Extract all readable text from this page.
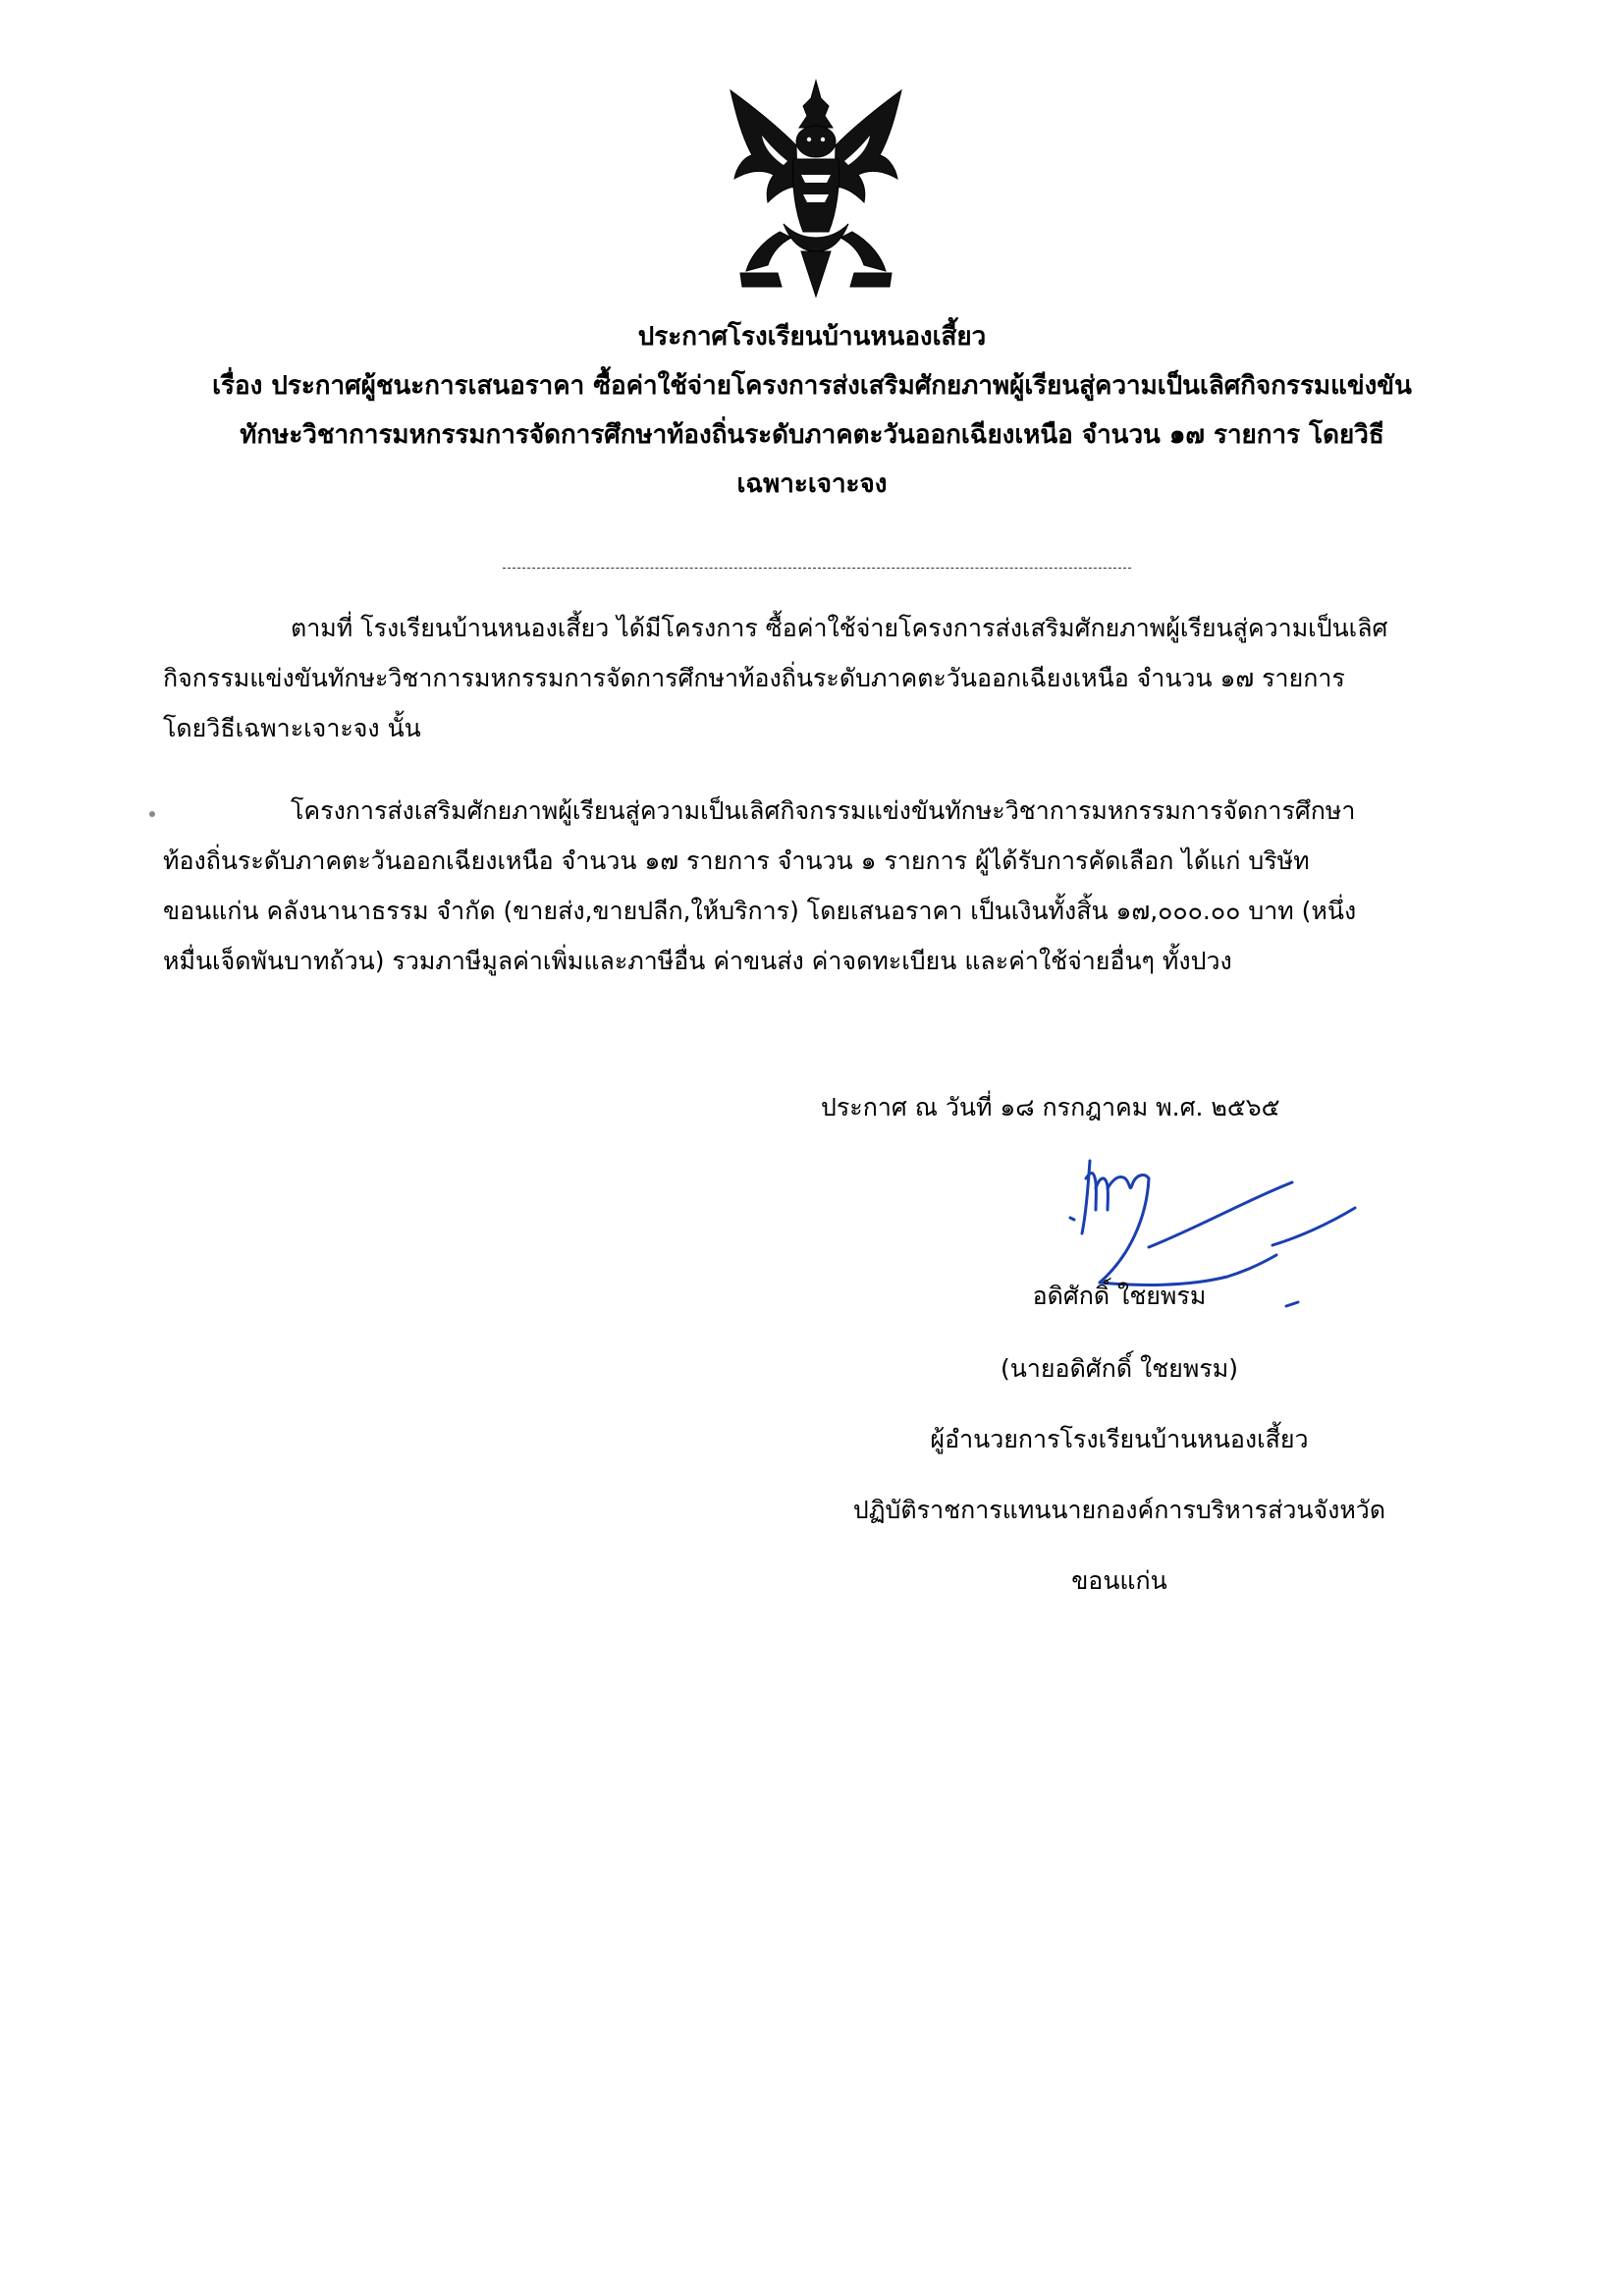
ประกาศโรงเรียนบ้านหนองเสี้ยว
เรื่อง ประกาศผู้ชนะการเสนอราคา ซื้อค่าใช้จ่ายโครงการส่งเสริมศักยภาพผู้เรียนสู่ความเป็นเลิศกิจกรรมแข่งขัน
ทักษะวิชาการมหกรรมการจัดการศึกษาท้องถิ่นระดับภาคตะวันออกเฉียงเหนือ จำนวน ๑๗ รายการ โดยวิธี
เฉพาะเจาะจง
ตามที่ โรงเรียนบ้านหนองเสี้ยว ได้มีโครงการ ซื้อค่าใช้จ่ายโครงการส่งเสริมศักยภาพผู้เรียนสู่ความเป็นเลิศ
กิจกรรมแข่งขันทักษะวิชาการมหกรรมการจัดการศึกษาท้องถิ่นระดับภาคตะวันออกเฉียงเหนือ จำนวน ๑๗ รายการ
โดยวิธีเฉพาะเจาะจง นั้น
โครงการส่งเสริมศักยภาพผู้เรียนสู่ความเป็นเลิศกิจกรรมแข่งขันทักษะวิชาการมหกรรมการจัดการศึกษา
ท้องถิ่นระดับภาคตะวันออกเฉียงเหนือ จำนวน ๑๗ รายการ จำนวน ๑ รายการ ผู้ได้รับการคัดเลือก ได้แก่ บริษัท
ขอนแก่น คลังนานาธรรม จำกัด (ขายส่ง,ขายปลีก,ให้บริการ) โดยเสนอราคา เป็นเงินทั้งสิ้น ๑๗,๐๐๐.๐๐ บาท (หนึ่ง
หมื่นเจ็ดพันบาทถ้วน) รวมภาษีมูลค่าเพิ่มและภาษีอื่น ค่าขนส่ง ค่าจดทะเบียน และค่าใช้จ่ายอื่นๆ ทั้งปวง
ประกาศ ณ วันที่ ๑๘ กรกฎาคม พ.ศ. ๒๕๖๕
อดิศักดิ์ ใชยพรม
(นายอดิศักดิ์ ใชยพรม)
ผู้อำนวยการโรงเรียนบ้านหนองเสี้ยว
ปฏิบัติราชการแทนนายกองค์การบริหารส่วนจังหวัด
ขอนแก่น
